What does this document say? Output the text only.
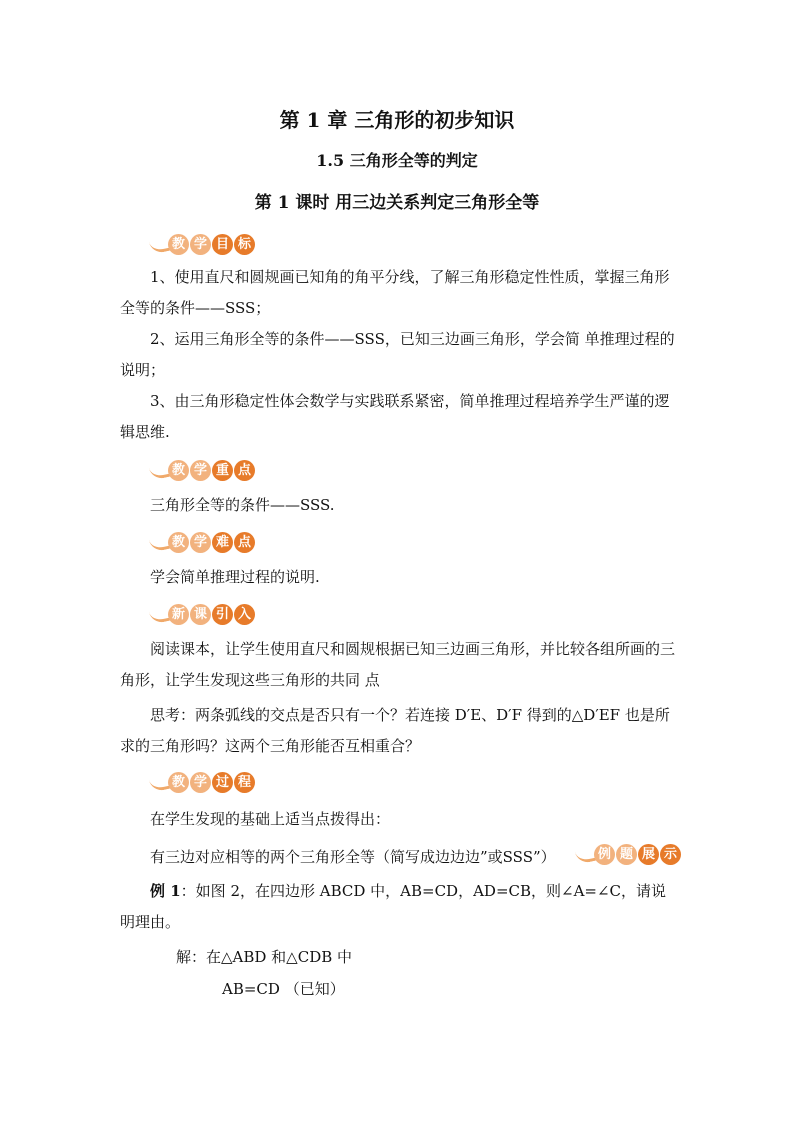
第 1 章 三角形的初步知识
1.5 三角形全等的判定
第 1 课时 用三边关系判定三角形全等
教 学 目 标

1、使用直尺和圆规画已知角的角平分线，了解三角形稳定性性质，掌握三角形全等的条件——SSS；

2、运用三角形全等的条件——SSS，已知三边画三角形，学会简 单推理过程的说明；

3、由三角形稳定性体会数学与实践联系紧密，简单推理过程培养学生严谨的逻辑思维.

教 学 重 点

三角形全等的条件——SSS.

教 学 难 点

学会简单推理过程的说明.

新 课 引 入

阅读课本，让学生使用直尺和圆规根据已知三边画三角形，并比较各组所画的三角形，让学生发现这些三角形的共同 点

思考：两条弧线的交点是否只有一个？若连接 D′E、D′F 得到的△D′EF 也是所求的三角形吗？这两个三角形能否互相重合？

教 学 过 程

在学生发现的基础上适当点拨得出：

有三边对应相等的两个三角形全等（简写成边边边”或SSS”）	例 题 展 示

例 1：如图 2，在四边形 ABCD 中，AB=CD，AD=CB，则∠A=∠C，请说明理由。

解：在△ABD 和△CDB 中
AB=CD （已知）
